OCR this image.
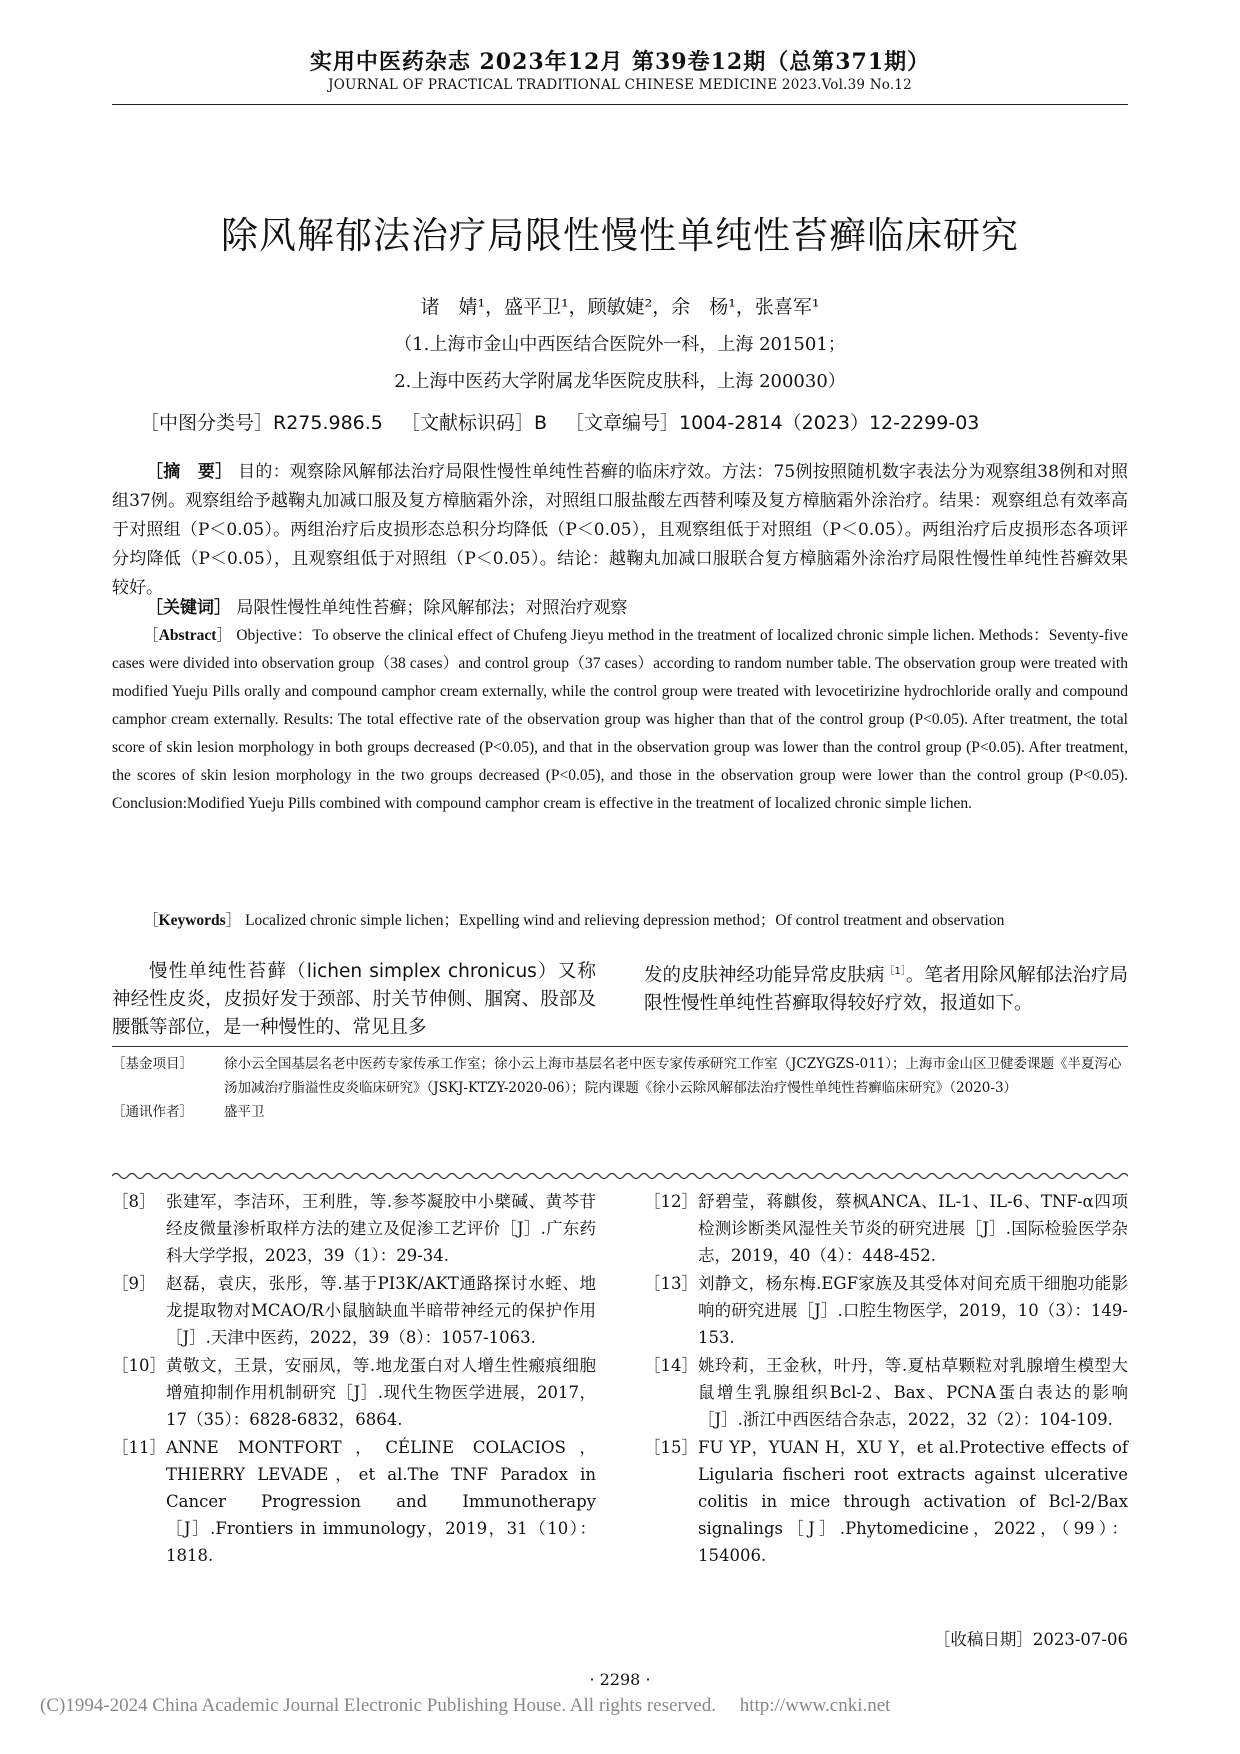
实用中医药杂志 2023年12月 第39卷12期（总第371期）
JOURNAL OF PRACTICAL TRADITIONAL CHINESE MEDICINE 2023.Vol.39 No.12
除风解郁法治疗局限性慢性单纯性苔癣临床研究
诸　婧¹，盛平卫¹，顾敏婕²，余　杨¹，张喜军¹
（1.上海市金山中西医结合医院外一科，上海 201501；
2.上海中医药大学附属龙华医院皮肤科，上海 200030）
［中图分类号］R275.986.5 ［文献标识码］B ［文章编号］1004-2814（2023）12-2299-03
［摘　要］ 目的：观察除风解郁法治疗局限性慢性单纯性苔癣的临床疗效。方法：75例按照随机数字表法分为观察组38例和对照组37例。观察组给予越鞠丸加减口服及复方樟脑霜外涂，对照组口服盐酸左西替利嗪及复方樟脑霜外涂治疗。结果：观察组总有效率高于对照组（P＜0.05）。两组治疗后皮损形态总积分均降低（P＜0.05），且观察组低于对照组（P＜0.05）。两组治疗后皮损形态各项评分均降低（P＜0.05），且观察组低于对照组（P＜0.05）。结论：越鞠丸加减口服联合复方樟脑霜外涂治疗局限性慢性单纯性苔癣效果较好。
［关键词］ 局限性慢性单纯性苔癣；除风解郁法；对照治疗观察
［Abstract］ Objective：To observe the clinical effect of Chufeng Jieyu method in the treatment of localized chronic simple lichen. Methods：Seventy-five cases were divided into observation group（38 cases）and control group（37 cases）according to random number table. The observation group were treated with modified Yueju Pills orally and compound camphor cream externally, while the control group were treated with levocetirizine hydrochloride orally and compound camphor cream externally. Results: The total effective rate of the observation group was higher than that of the control group (P<0.05). After treatment, the total score of skin lesion morphology in both groups decreased (P<0.05), and that in the observation group was lower than the control group (P<0.05). After treatment, the scores of skin lesion morphology in the two groups decreased (P<0.05), and those in the observation group were lower than the control group (P<0.05). Conclusion:Modified Yueju Pills combined with compound camphor cream is effective in the treatment of localized chronic simple lichen.
［Keywords］ Localized chronic simple lichen；Expelling wind and relieving depression method；Of control treatment and observation
慢性单纯性苔藓（lichen simplex chronicus）又称神经性皮炎，皮损好发于颈部、肘关节伸侧、腘窝、股部及腰骶等部位，是一种慢性的、常见且多
发的皮肤神经功能异常皮肤病$^{[1]}$。笔者用除风解郁法治疗局限性慢性单纯性苔癣取得较好疗效，报道如下。
［基金项目］	徐小云全国基层名老中医药专家传承工作室；徐小云上海市基层名老中医专家传承研究工作室（JCZYGZS-011）；上海市金山区卫健委课题《半夏泻心汤加减治疗脂溢性皮炎临床研究》（JSKJ-KTZY-2020-06）；院内课题《徐小云除风解郁法治疗慢性单纯性苔癣临床研究》（2020-3）
［通讯作者］	盛平卫
［8］ 张建军，李洁环，王利胜，等.参芩凝胶中小檗碱、黄芩苷经皮微量渗析取样方法的建立及促渗工艺评价［J］.广东药科大学学报，2023，39（1）：29-34.
［9］ 赵磊，袁庆，张彤，等.基于PI3K/AKT通路探讨水蛭、地龙提取物对MCAO/R小鼠脑缺血半暗带神经元的保护作用［J］.天津中医药，2022，39（8）：1057-1063.
［10］ 黄敬文，王景，安丽凤，等.地龙蛋白对人增生性瘢痕细胞增殖抑制作用机制研究［J］.现代生物医学进展，2017，17（35）：6828-6832，6864.
［11］ ANNE MONTFORT，CÉLINE COLACIOS，THIERRY LEVADE，et al.The TNF Paradox in Cancer Progression and Immunotherapy［J］.Frontiers in immunology，2019，31（10）：1818.
［12］ 舒碧莹，蒋麒俊，蔡枫ANCA、IL-1、IL-6、TNF-α四项检测诊断类风湿性关节炎的研究进展［J］.国际检验医学杂志，2019，40（4）：448-452.
［13］ 刘静文，杨东梅.EGF家族及其受体对间充质干细胞功能影响的研究进展［J］.口腔生物医学，2019，10（3）：149-153.
［14］ 姚玲莉，王金秋，叶丹，等.夏枯草颗粒对乳腺增生模型大鼠增生乳腺组织Bcl-2、Bax、PCNA蛋白表达的影响［J］.浙江中西医结合杂志，2022，32（2）：104-109.
［15］ FU YP，YUAN H，XU Y，et al.Protective effects of Ligularia fischeri root extracts against ulcerative colitis in mice through activation of Bcl-2/Bax signalings［J］.Phytomedicine，2022，（99）：154006.
［收稿日期］2023-07-06
· 2298 ·
(C)1994-2024 China Academic Journal Electronic Publishing House. All rights reserved.　 http://www.cnki.net
